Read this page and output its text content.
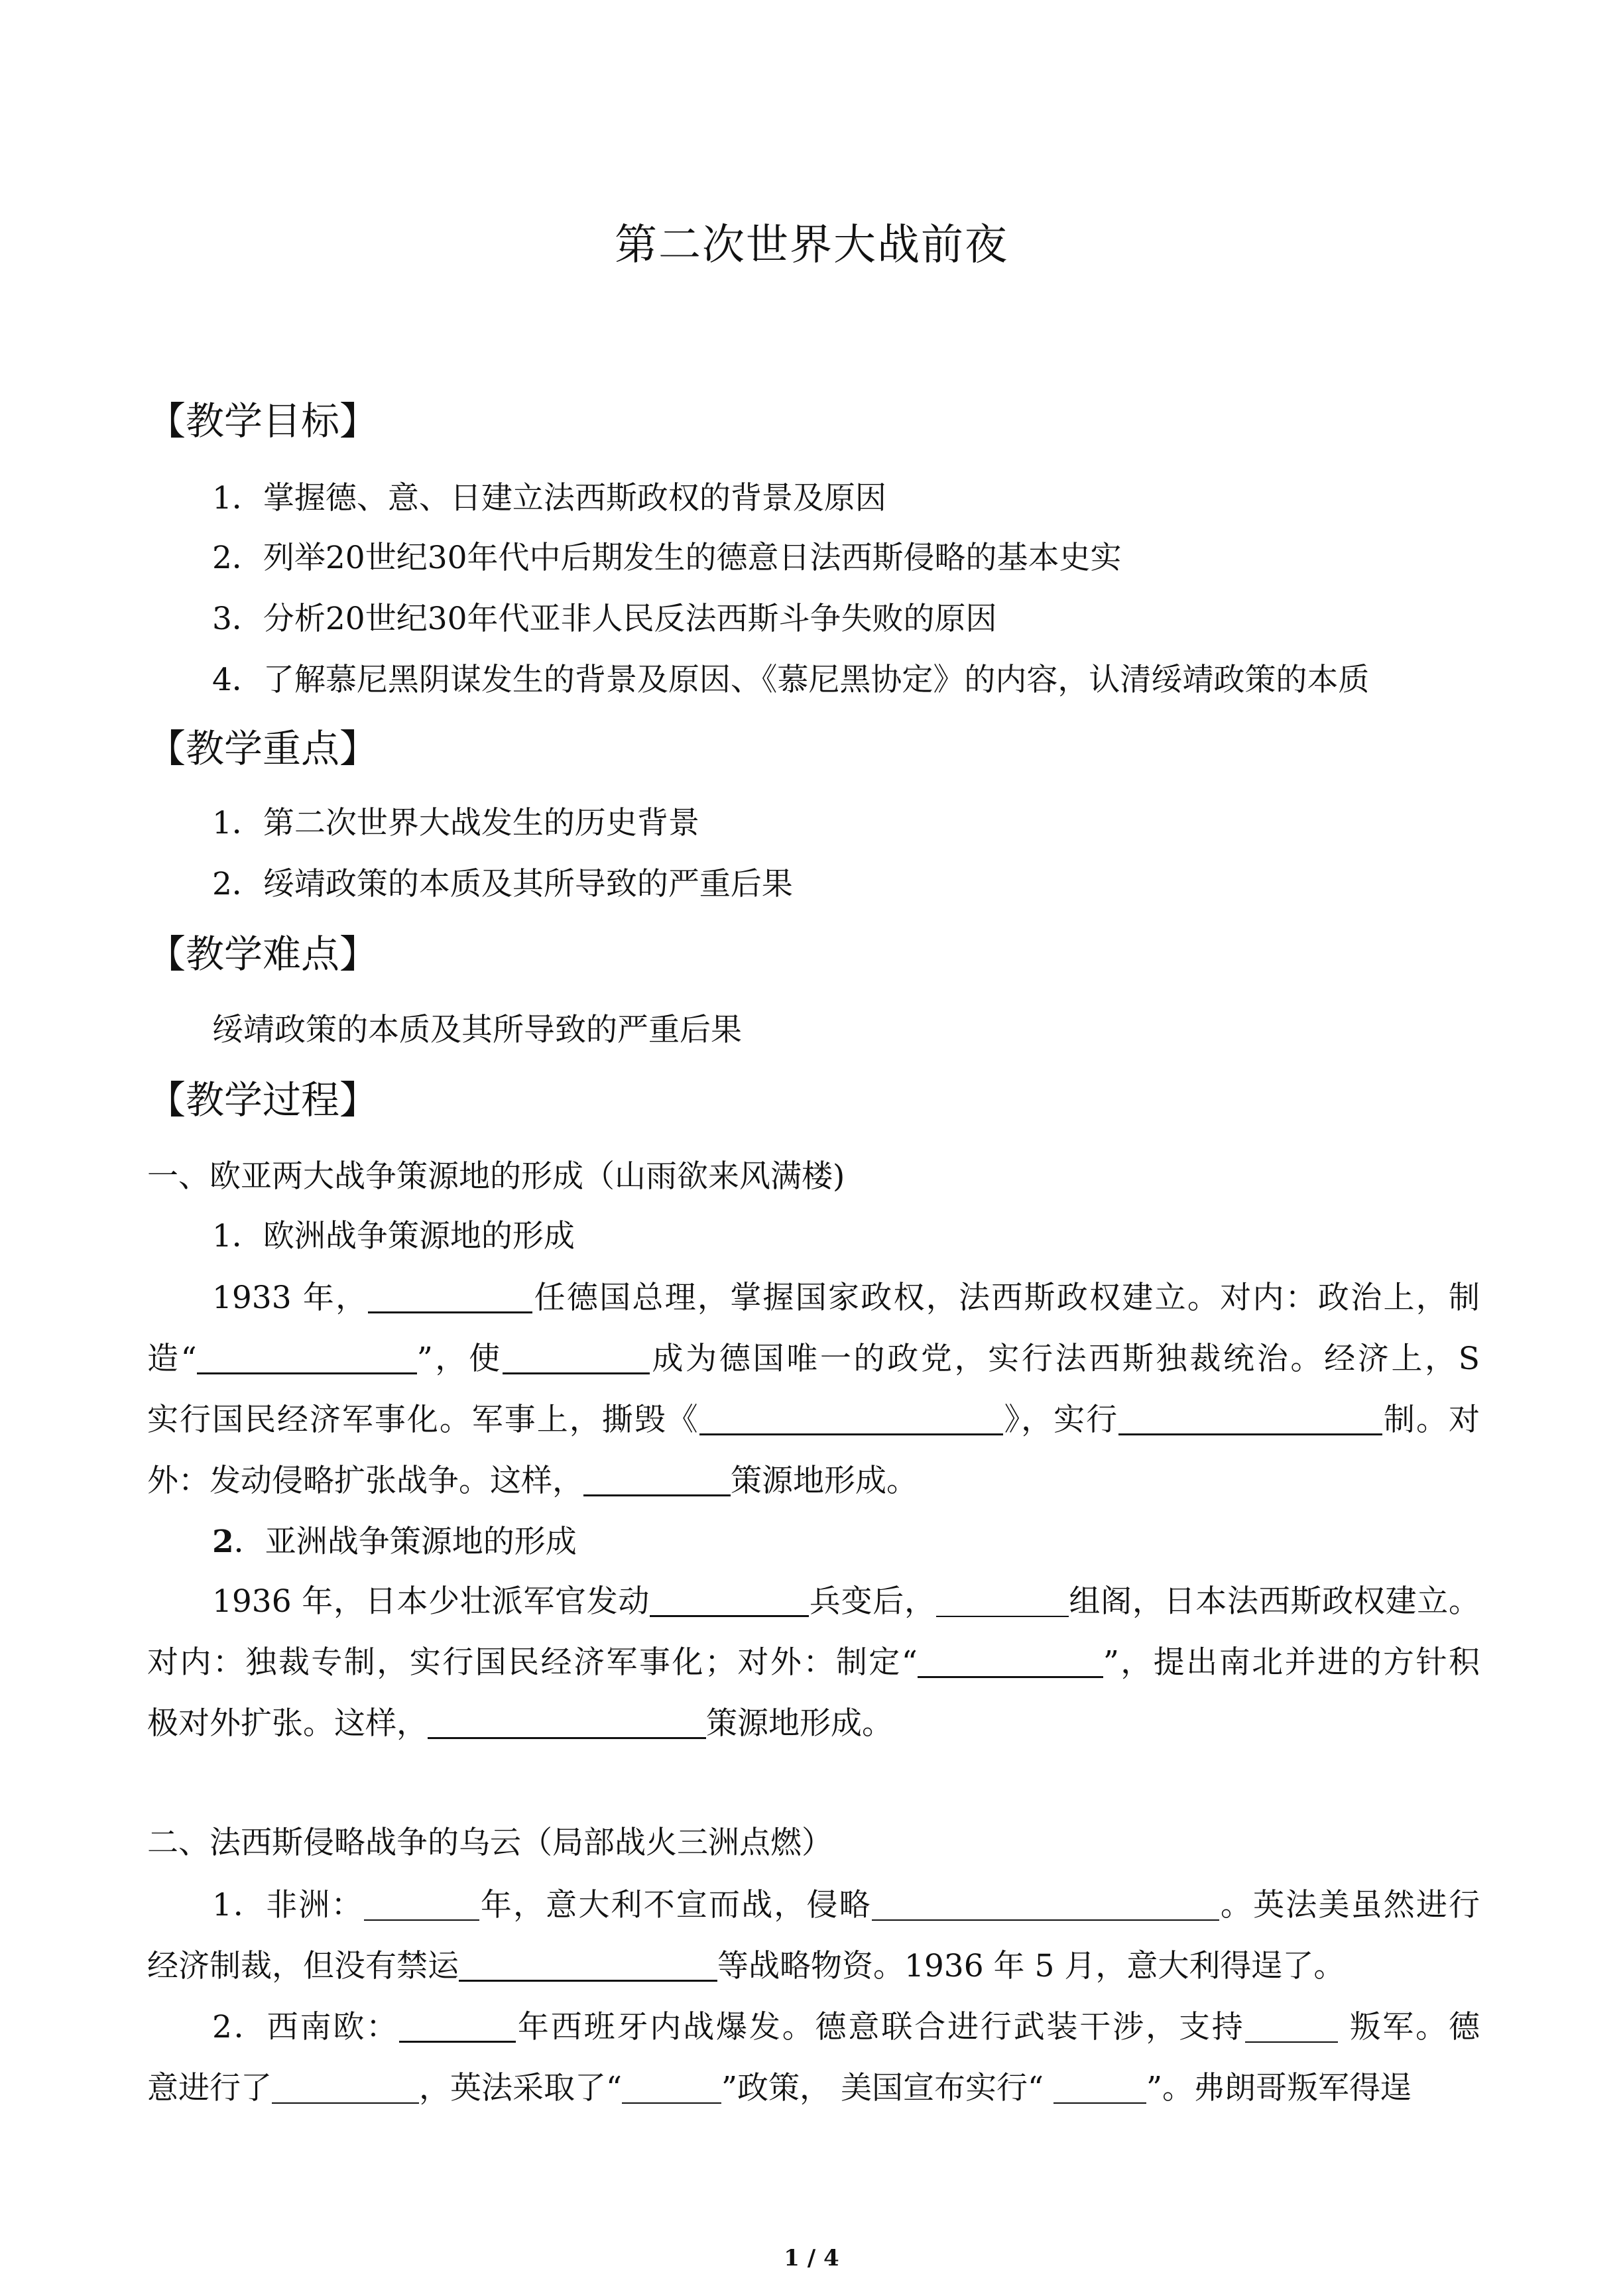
第二次世界大战前夜
【教学目标】
1．掌握德、意、日建立法西斯政权的背景及原因
2．列举20世纪30年代中后期发生的德意日法西斯侵略的基本史实
3．分析20世纪30年代亚非人民反法西斯斗争失败的原因
4．了解慕尼黑阴谋发生的背景及原因、《慕尼黑协定》的内容，认清绥靖政策的本质
【教学重点】
1．第二次世界大战发生的历史背景
2．绥靖政策的本质及其所导致的严重后果
【教学难点】
绥靖政策的本质及其所导致的严重后果
【教学过程】
一、欧亚两大战争策源地的形成（山雨欲来风满楼)
1．欧洲战争策源地的形成
1933 年，	任德国总理，掌握国家政权，法西斯政权建立。对内：政治上，制
造“	”，使	成为德国唯一的政党，实行法西斯独裁统治。经济上，S
实行国民经济军事化。军事上，撕毁《	》，实行	制。对
外：发动侵略扩张战争。这样，	策源地形成。
2．亚洲战争策源地的形成
1936 年，日本少壮派军官发动	兵变后，	组阁，日本法西斯政权建立。
对内：独裁专制，实行国民经济军事化；对外：制定“	”，提出南北并进的方针积
极对外扩张。这样，	策源地形成。
二、法西斯侵略战争的乌云（局部战火三洲点燃）
1．非洲：	年，意大利不宣而战，侵略	。英法美虽然进行
经济制裁，但没有禁运	等战略物资。1936 年 5 月，意大利得逞了。
2．西南欧：	年西班牙内战爆发。德意联合进行武装干涉，支持	叛军。德
意进行了	，英法采取了“	”政策， 美国宣布实行“	”。弗朗哥叛军得逞
1 / 4
